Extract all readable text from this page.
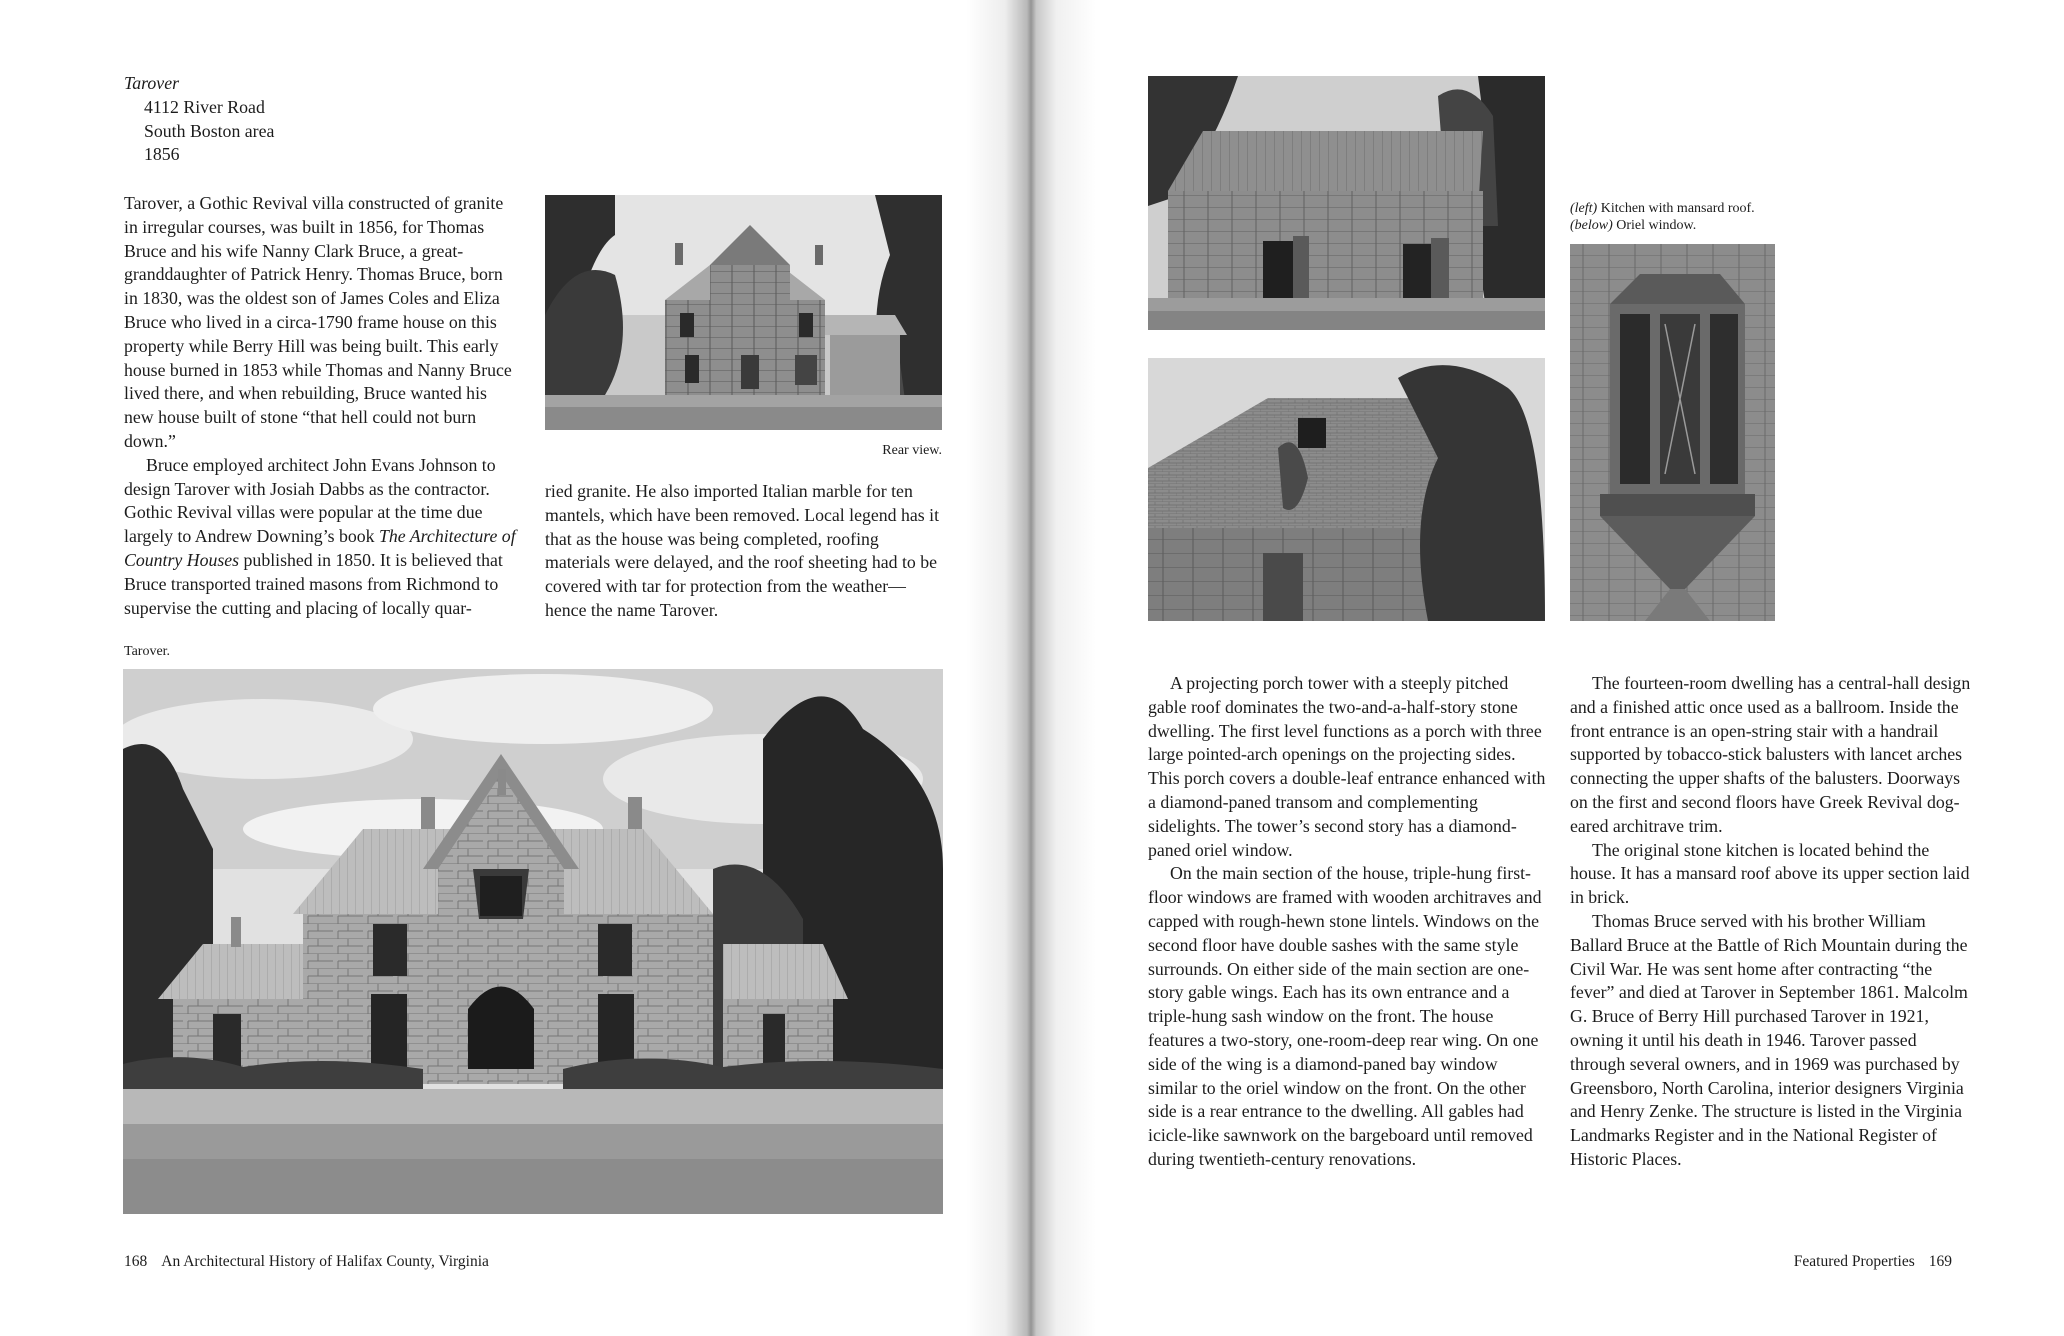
Tarover
4112 River Road
South Boston area
1856

Tarover, a Gothic Revival villa constructed of granite in irregular courses, was built in 1856, for Thomas Bruce and his wife Nanny Clark Bruce, a great-granddaughter of Patrick Henry. Thomas Bruce, born in 1830, was the oldest son of James Coles and Eliza Bruce who lived in a circa-1790 frame house on this property while Berry Hill was being built. This early house burned in 1853 while Thomas and Nanny Bruce lived there, and when rebuilding, Bruce wanted his new house built of stone “that hell could not burn down.”

Bruce employed architect John Evans Johnson to design Tarover with Josiah Dabbs as the contractor. Gothic Revival villas were popular at the time due largely to Andrew Downing’s book The Architecture of Country Houses published in 1850. It is believed that Bruce transported trained masons from Richmond to supervise the cutting and placing of locally quar-

Rear view.

ried granite. He also imported Italian marble for ten mantels, which have been removed. Local legend has it that as the house was being completed, roofing materials were delayed, and the roof sheeting had to be covered with tar for protection from the weather—hence the name Tarover.

Tarover.
168 An Architectural History of Halifax County, Virginia
(left) Kitchen with mansard roof.
(below) Oriel window.

A projecting porch tower with a steeply pitched gable roof dominates the two-and-a-half-story stone dwelling. The first level functions as a porch with three large pointed-arch openings on the projecting sides. This porch covers a double-leaf entrance enhanced with a diamond-paned transom and complementing sidelights. The tower’s second story has a diamond-paned oriel window.

On the main section of the house, triple-hung first-floor windows are framed with wooden architraves and capped with rough-hewn stone lintels. Windows on the second floor have double sashes with the same style surrounds. On either side of the main section are one-story gable wings. Each has its own entrance and a triple-hung sash window on the front. The house features a two-story, one-room-deep rear wing. On one side of the wing is a diamond-paned bay window similar to the oriel window on the front. On the other side is a rear entrance to the dwelling. All gables had icicle-like sawnwork on the bargeboard until removed during twentieth-century renovations.

The fourteen-room dwelling has a central-hall design and a finished attic once used as a ballroom. Inside the front entrance is an open-string stair with a handrail supported by tobacco-stick balusters with lancet arches connecting the upper shafts of the balusters. Doorways on the first and second floors have Greek Revival dog-eared architrave trim.

The original stone kitchen is located behind the house. It has a mansard roof above its upper section laid in brick.

Thomas Bruce served with his brother William Ballard Bruce at the Battle of Rich Mountain during the Civil War. He was sent home after contracting “the fever” and died at Tarover in September 1861. Malcolm G. Bruce of Berry Hill purchased Tarover in 1921, owning it until his death in 1946. Tarover passed through several owners, and in 1969 was purchased by Greensboro, North Carolina, interior designers Virginia and Henry Zenke. The structure is listed in the Virginia Landmarks Register and in the National Register of Historic Places.

Featured Properties 169
